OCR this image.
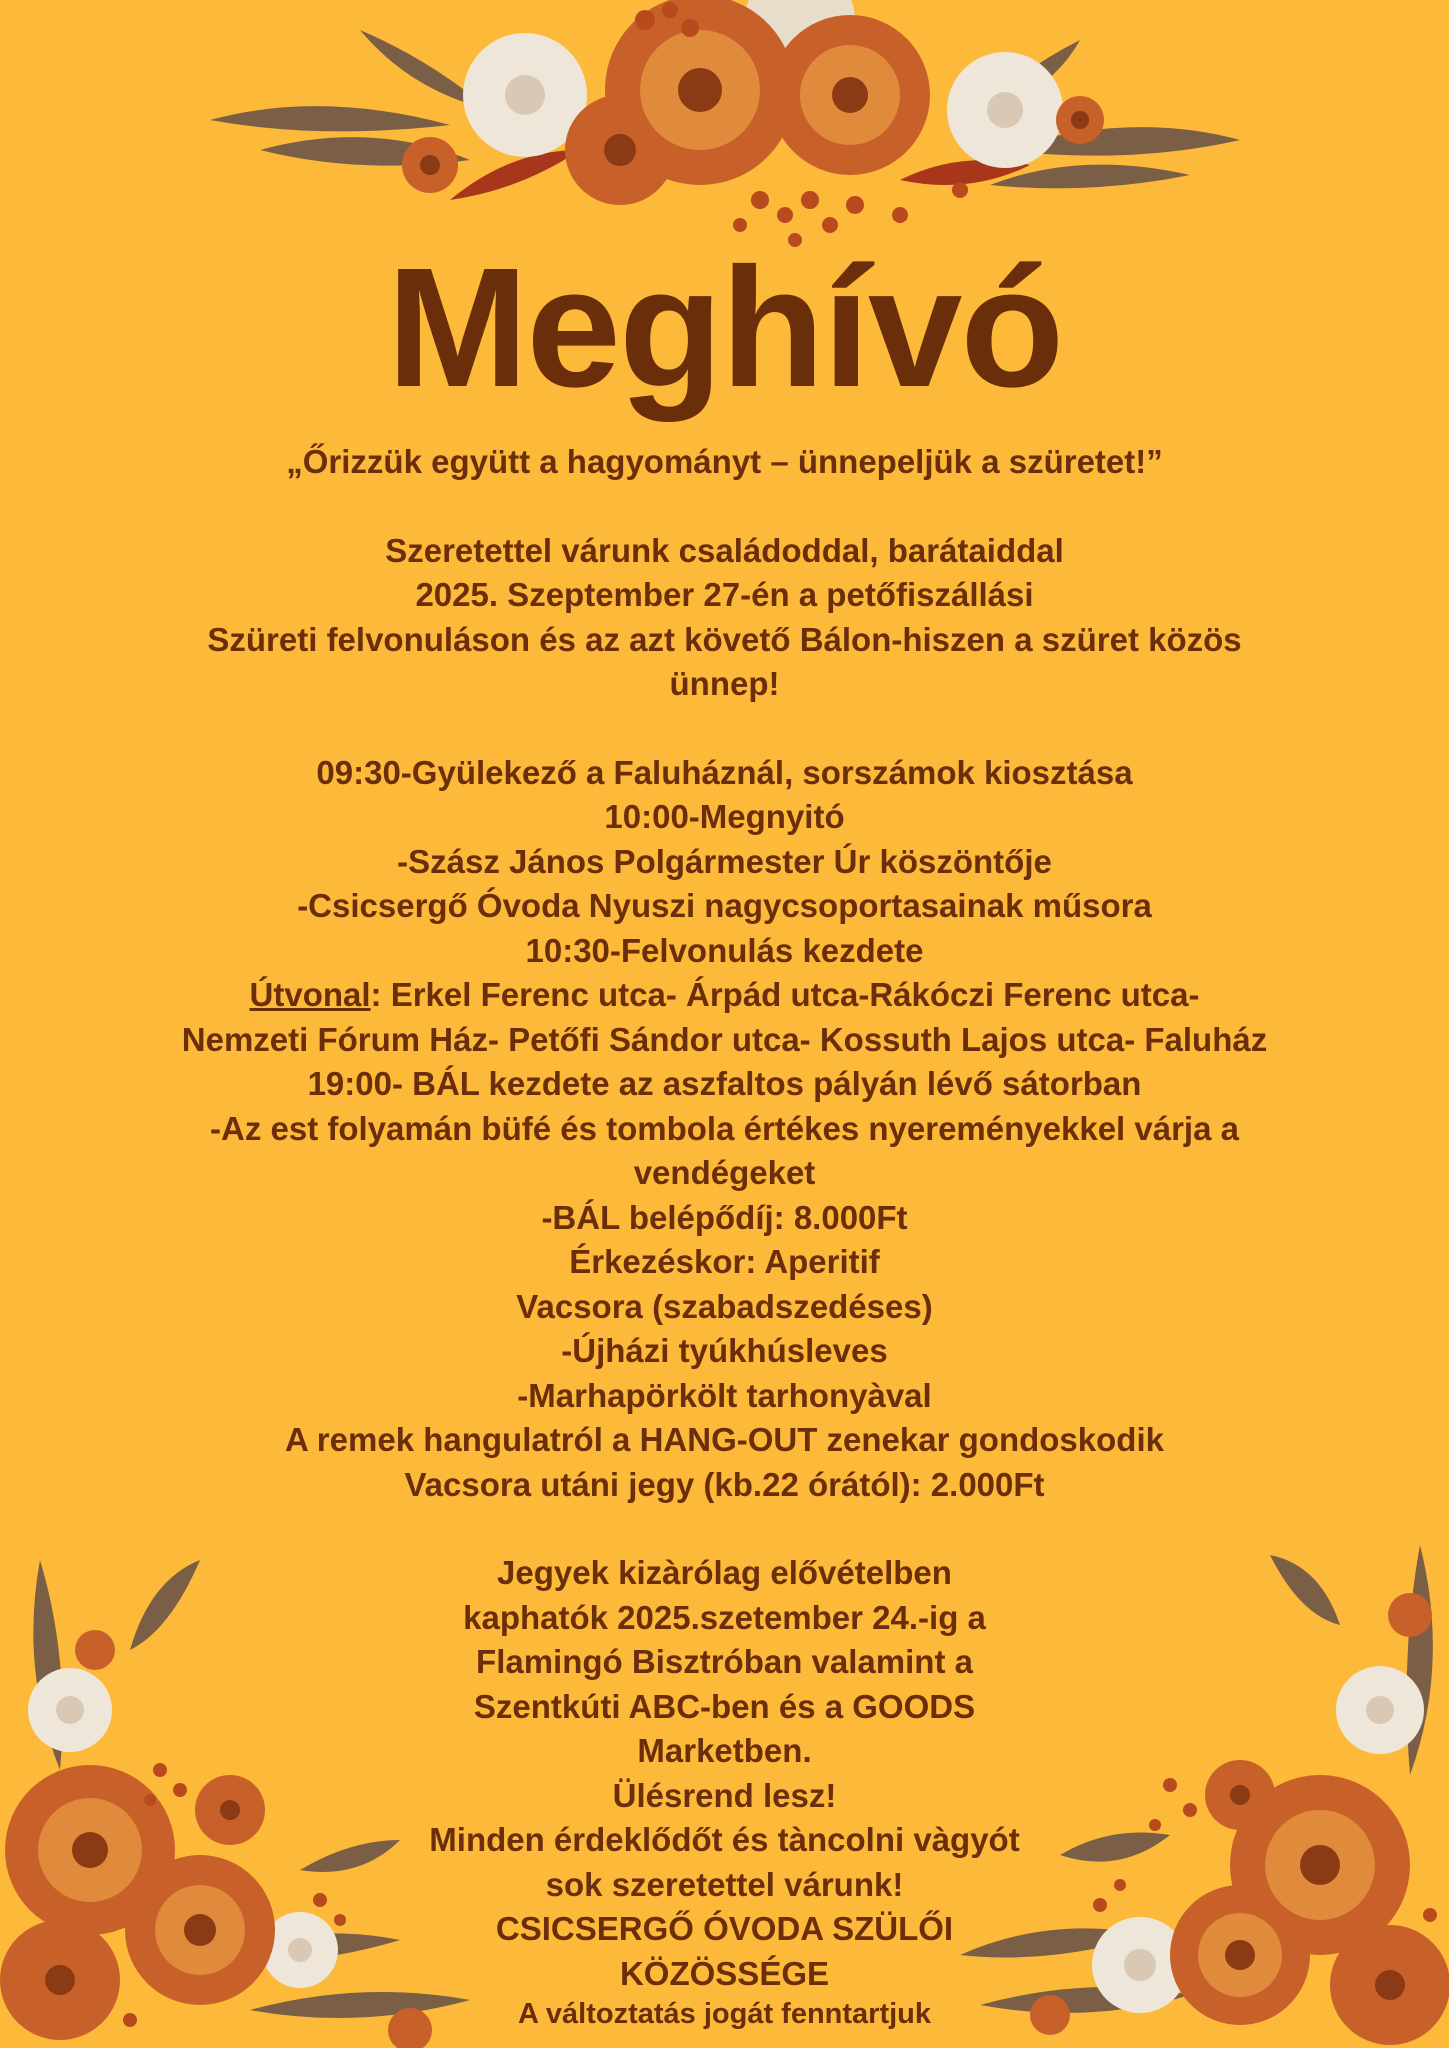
Meghívó
„Őrizzük együtt a hagyományt – ünnepeljük a szüretet!”
Szeretettel várunk családoddal, barátaiddal
2025. Szeptember 27-én a petőfiszállási
Szüreti felvonuláson és az azt követő Bálon-hiszen a szüret közös
ünnep!
09:30-Gyülekező a Faluháznál, sorszámok kiosztása
10:00-Megnyitó
-Szász János Polgármester Úr köszöntője
-Csicsergő Óvoda Nyuszi nagycsoportasainak műsora
10:30-Felvonulás kezdete
Útvonal: Erkel Ferenc utca- Árpád utca-Rákóczi Ferenc utca-
Nemzeti Fórum Ház- Petőfi Sándor utca- Kossuth Lajos utca- Faluház
19:00- BÁL kezdete az aszfaltos pályán lévő sátorban
-Az est folyamán büfé és tombola értékes nyereményekkel várja a
vendégeket
-BÁL belépődíj: 8.000Ft
Érkezéskor: Aperitif
Vacsora (szabadszedéses)
-Újházi tyúkhúsleves
-Marhapörkölt tarhonyàval
A remek hangulatról a HANG-OUT zenekar gondoskodik
Vacsora utáni jegy (kb.22 órától): 2.000Ft
Jegyek kizàrólag elővételben
kaphatók 2025.szetember 24.-ig a
Flamingó Bisztróban valamint a
Szentkúti ABC-ben és a GOODS
Marketben.
Ülésrend lesz!
Minden érdeklődőt és tàncolni vàgyót
sok szeretettel várunk!
CSICSERGŐ ÓVODA SZÜLŐI
KÖZÖSSÉGE
A változtatás jogát fenntartjuk
